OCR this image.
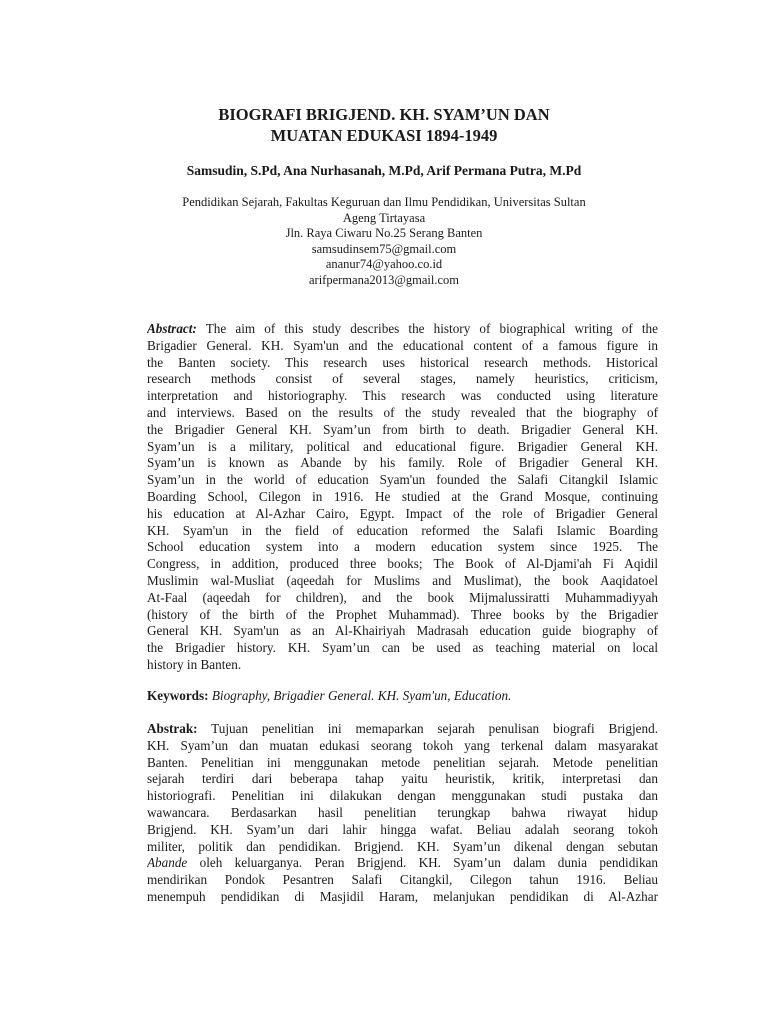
BIOGRAFI BRIGJEND. KH. SYAM’UN DAN
MUATAN EDUKASI 1894-1949
Samsudin, S.Pd, Ana Nurhasanah, M.Pd, Arif Permana Putra, M.Pd
Pendidikan Sejarah, Fakultas Keguruan dan Ilmu Pendidikan, Universitas Sultan
Ageng Tirtayasa
Jln. Raya Ciwaru No.25 Serang Banten
samsudinsem75@gmail.com
ananur74@yahoo.co.id
arifpermana2013@gmail.com
Abstract: The aim of this study describes the history of biographical writing of the
Brigadier General. KH. Syam'un and the educational content of a famous figure in
the Banten society. This research uses historical research methods. Historical
research methods consist of several stages, namely heuristics, criticism,
interpretation and historiography. This research was conducted using literature
and interviews. Based on the results of the study revealed that the biography of
the Brigadier General KH. Syam’un from birth to death. Brigadier General KH.
Syam’un is a military, political and educational figure. Brigadier General KH.
Syam’un is known as Abande by his family. Role of Brigadier General KH.
Syam’un in the world of education Syam'un founded the Salafi Citangkil Islamic
Boarding School, Cilegon in 1916. He studied at the Grand Mosque, continuing
his education at Al-Azhar Cairo, Egypt. Impact of the role of Brigadier General
KH. Syam'un in the field of education reformed the Salafi Islamic Boarding
School education system into a modern education system since 1925. The
Congress, in addition, produced three books; The Book of Al-Djami'ah Fi Aqidil
Muslimin wal-Musliat (aqeedah for Muslims and Muslimat), the book Aaqidatoel
At-Faal (aqeedah for children), and the book Mijmalussiratti Muhammadiyyah
(history of the birth of the Prophet Muhammad). Three books by the Brigadier
General KH. Syam'un as an Al-Khairiyah Madrasah education guide biography of
the Brigadier history. KH. Syam’un can be used as teaching material on local
history in Banten.
Keywords: Biography, Brigadier General. KH. Syam'un, Education.
Abstrak: Tujuan penelitian ini memaparkan sejarah penulisan biografi Brigjend.
KH. Syam’un dan muatan edukasi seorang tokoh yang terkenal dalam masyarakat
Banten. Penelitian ini menggunakan metode penelitian sejarah. Metode penelitian
sejarah terdiri dari beberapa tahap yaitu heuristik, kritik, interpretasi dan
historiografi. Penelitian ini dilakukan dengan menggunakan studi pustaka dan
wawancara. Berdasarkan hasil penelitian terungkap bahwa riwayat hidup
Brigjend. KH. Syam’un dari lahir hingga wafat. Beliau adalah seorang tokoh
militer, politik dan pendidikan. Brigjend. KH. Syam’un dikenal dengan sebutan
Abande oleh keluarganya. Peran Brigjend. KH. Syam’un dalam dunia pendidikan
mendirikan Pondok Pesantren Salafi Citangkil, Cilegon tahun 1916. Beliau
menempuh pendidikan di Masjidil Haram, melanjukan pendidikan di Al-Azhar
